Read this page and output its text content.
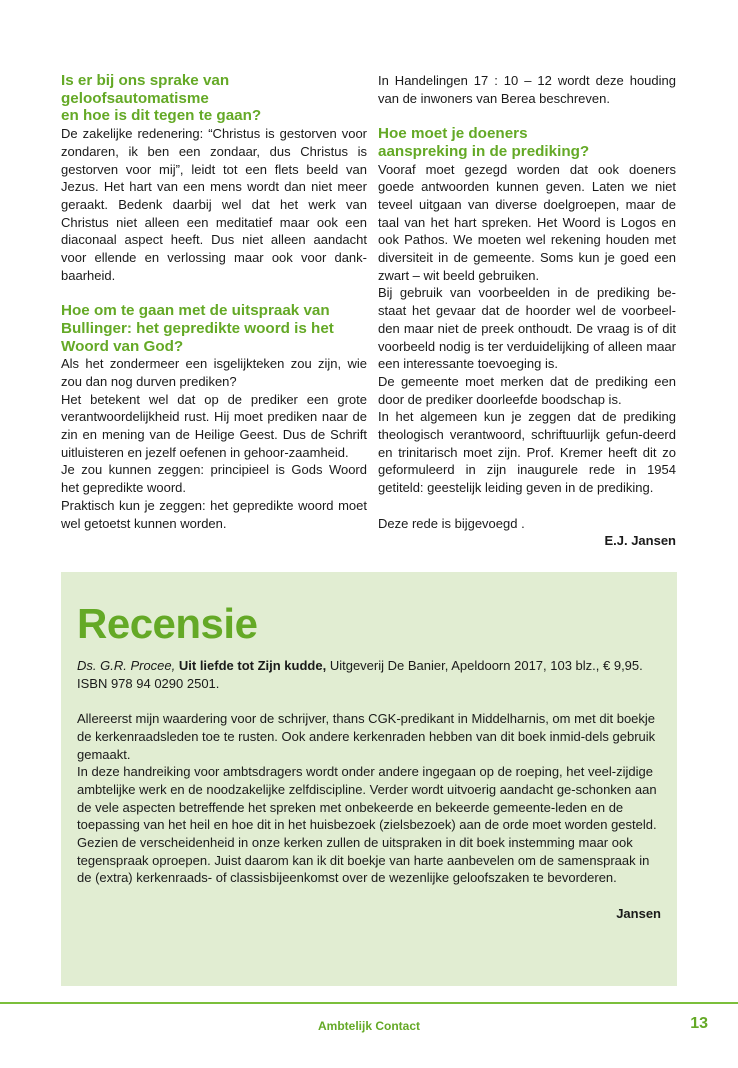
Is er bij ons sprake van geloofsautomatisme
en hoe is dit tegen te gaan?

De zakelijke redenering: “Christus is gestorven voor zondaren, ik ben een zondaar, dus Christus is gestorven voor mij”, leidt tot een flets beeld van Jezus. Het hart van een mens wordt dan niet meer geraakt. Bedenk daarbij wel dat het werk van Christus niet alleen een meditatief maar ook een diaconaal aspect heeft. Dus niet alleen aandacht voor ellende en verlossing maar ook voor dank-baarheid.

Hoe om te gaan met de uitspraak van
Bullinger: het gepredikte woord is het
Woord van God?

Als het zondermeer een isgelijkteken zou zijn, wie zou dan nog durven prediken?

Het betekent wel dat op de prediker een grote verantwoordelijkheid rust. Hij moet prediken naar de zin en mening van de Heilige Geest. Dus de Schrift uitluisteren en jezelf oefenen in gehoor-zaamheid.

Je zou kunnen zeggen: principieel is Gods Woord het gepredikte woord.

Praktisch kun je zeggen: het gepredikte woord moet wel getoetst kunnen worden.

In Handelingen 17 : 10 – 12 wordt deze houding van de inwoners van Berea beschreven.

Hoe moet je doeners
aanspreking in de prediking?

Vooraf moet gezegd worden dat ook doeners goede antwoorden kunnen geven. Laten we niet teveel uitgaan van diverse doelgroepen, maar de taal van het hart spreken. Het Woord is Logos en ook Pathos. We moeten wel rekening houden met diversiteit in de gemeente. Soms kun je goed een zwart – wit beeld gebruiken.

Bij gebruik van voorbeelden in de prediking be-staat het gevaar dat de hoorder wel de voorbeel-den maar niet de preek onthoudt. De vraag is of dit voorbeeld nodig is ter verduidelijking of alleen maar een interessante toevoeging is.

De gemeente moet merken dat de prediking een door de prediker doorleefde boodschap is.

In het algemeen kun je zeggen dat de prediking theologisch verantwoord, schriftuurlijk gefun-deerd en trinitarisch moet zijn. Prof. Kremer heeft dit zo geformuleerd in zijn inaugurele rede in 1954 getiteld: geestelijk leiding geven in de prediking.

Deze rede is bijgevoegd .

E.J. Jansen

Recensie

Ds. G.R. Procee, Uit liefde tot Zijn kudde, Uitgeverij De Banier, Apeldoorn 2017, 103 blz., € 9,95. ISBN 978 94 0290 2501.

Allereerst mijn waardering voor de schrijver, thans CGK-predikant in Middelharnis, om met dit boekje de kerkenraadsleden toe te rusten. Ook andere kerkenraden hebben van dit boek inmid-dels gebruik gemaakt.

In deze handreiking voor ambtsdragers wordt onder andere ingegaan op de roeping, het veel-zijdige ambtelijke werk en de noodzakelijke zelfdiscipline. Verder wordt uitvoerig aandacht ge-schonken aan de vele aspecten betreffende het spreken met onbekeerde en bekeerde gemeente-leden en de toepassing van het heil en hoe dit in het huisbezoek (zielsbezoek) aan de orde moet worden gesteld.

Gezien de verscheidenheid in onze kerken zullen de uitspraken in dit boek instemming maar ook tegenspraak oproepen. Juist daarom kan ik dit boekje van harte aanbevelen om de samenspraak in de (extra) kerkenraads- of classisbijeenkomst over de wezenlijke geloofszaken te bevorderen.

Jansen

Ambtelijk Contact	13
